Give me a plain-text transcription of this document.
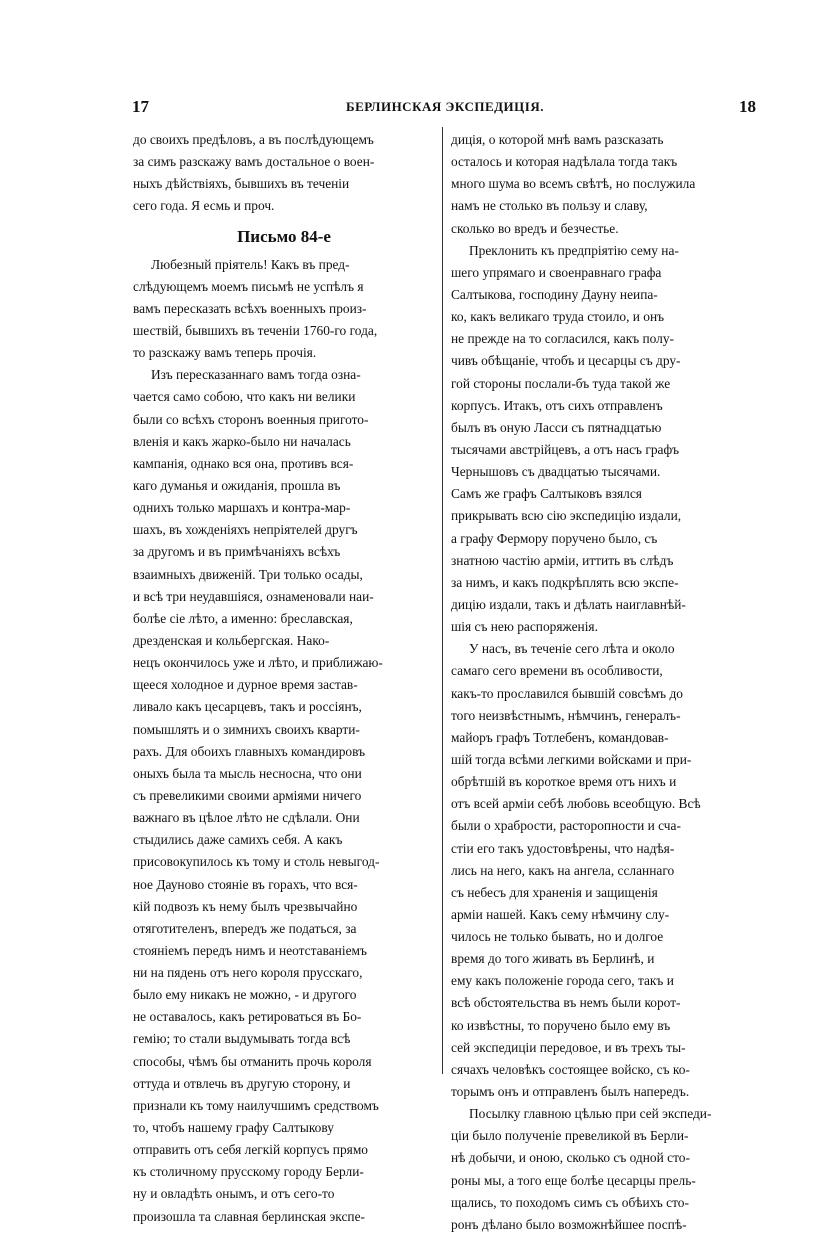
17	БЕРЛИНСКАЯ ЭКСПЕДИЦІЯ.	18
до своихъ предѣловъ, а въ послѣдующемъ
за симъ разскажу вамъ достальное о воен-
ныхъ дѣйствіяхъ, бывшихъ въ теченіи
сего года. Я есмь и проч.
Письмо 84-е
Любезный пріятель! Какъ въ пред-
слѣдующемъ моемъ письмѣ не успѣлъ я
вамъ пересказать всѣхъ военныхъ произ-
шествій, бывшихъ въ теченіи 1760-го года,
то разскажу вамъ теперь прочія.
Изъ пересказаннаго вамъ тогда озна-
чается само собою, что какъ ни велики
были со всѣхъ сторонъ военныя пригото-
вленія и какъ жарко-было ни началась
кампанія, однако вся она, противъ вся-
каго думанья и ожиданія, прошла въ
однихъ только маршахъ и контра-мар-
шахъ, въ хожденіяхъ непріятелей другъ
за другомъ и въ примѣчаніяхъ всѣхъ
взаимныхъ движеній. Три только осады,
и всѣ три неудавшіяся, ознаменовали наи-
болѣе сіе лѣто, а именно: бреславская,
дрезденская и кольбергская. Нако-
нецъ окончилось уже и лѣто, и приближаю-
щееся холодное и дурное время застав-
ливало какъ цесарцевъ, такъ и россіянъ,
помышлять и о зимнихъ своихъ кварти-
рахъ. Для обоихъ главныхъ командировъ
оныхъ была та мысль несносна, что они
съ превеликими своими арміями ничего
важнаго въ цѣлое лѣто не сдѣлали. Они
стыдились даже самихъ себя. А какъ
присовокупилось къ тому и столь невыгод-
ное Дауново стояніе въ горахъ, что вся-
кій подвозъ къ нему былъ чрезвычайно
отяготителенъ, впередъ же податься, за
стояніемъ передъ нимъ и неотставаніемъ
ни на пядень отъ него короля прусскаго,
было ему никакъ не можно, - и другого
не оставалось, какъ ретироваться въ Бо-
гемію; то стали выдумывать тогда всѣ
способы, чѣмъ бы отманить прочь короля
оттуда и отвлечь въ другую сторону, и
признали къ тому наилучшимъ средствомъ
то, чтобъ нашему графу Салтыкову
отправить отъ себя легкій корпусъ прямо
къ столичному прусскому городу Берли-
ну и овладѣть онымъ, и отъ сего-то
произошла та славная берлинская экспе-
диція, о которой мнѣ вамъ разсказать
осталось и которая надѣлала тогда такъ
много шума во всемъ свѣтѣ, но послужила
намъ не столько въ пользу и славу,
сколько во вредъ и безчестье.
Преклонить къ предпріятію сему на-
шего упрямаго и своенравнаго графа
Салтыкова, господину Дауну неипа-
ко, какъ великаго труда стоило, и онъ
не прежде на то согласился, какъ полу-
чивъ обѣщаніе, чтобъ и цесарцы съ дру-
гой стороны послали-бъ туда такой же
корпусъ. Итакъ, отъ сихъ отправленъ
былъ въ оную Ласси съ пятнадцатью
тысячами австрійцевъ, а отъ насъ графъ
Чернышовъ съ двадцатью тысячами.
Самъ же графъ Салтыковъ взялся
прикрывать всю сію экспедицію издали,
а графу Фермору поручено было, съ
знатною частію арміи, иттить въ слѣдъ
за нимъ, и какъ подкрѣплять всю экспе-
дицію издали, такъ и дѣлать наиглавнѣй-
шія съ нею распоряженія.
У насъ, въ теченіе сего лѣта и около
самаго сего времени въ особливости,
какъ-то прославился бывшій совсѣмъ до
того неизвѣстнымъ, нѣмчинъ, генералъ-
майоръ графъ Тотлебенъ, командовав-
шій тогда всѣми легкими войсками и при-
обрѣтшій въ короткое время отъ нихъ и
отъ всей арміи себѣ любовь всеобщую. Всѣ
были о храбрости, расторопности и сча-
стіи его такъ удостовѣрены, что надѣя-
лись на него, какъ на ангела, ссланнаго
съ небесъ для храненія и защищенія
арміи нашей. Какъ сему нѣмчину слу-
чилось не только бывать, но и долгое
время до того живать въ Берлинѣ, и
ему какъ положеніе города сего, такъ и
всѣ обстоятельства въ немъ были корот-
ко извѣстны, то поручено было ему въ
сей экспедиціи передовое, и въ трехъ ты-
сячахъ человѣкъ состоящее войско, съ ко-
торымъ онъ и отправленъ былъ напередъ.
Посылку главною цѣлью при сей экспеди-
ціи было полученіе превеликой въ Берли-
нѣ добычи, и оною, сколько съ одной сто-
роны мы, а того еще болѣе цесарцы прель-
щались, то походомъ симъ съ обѣихъ сто-
ронъ дѣлано было возможнѣйшее поспѣ-
